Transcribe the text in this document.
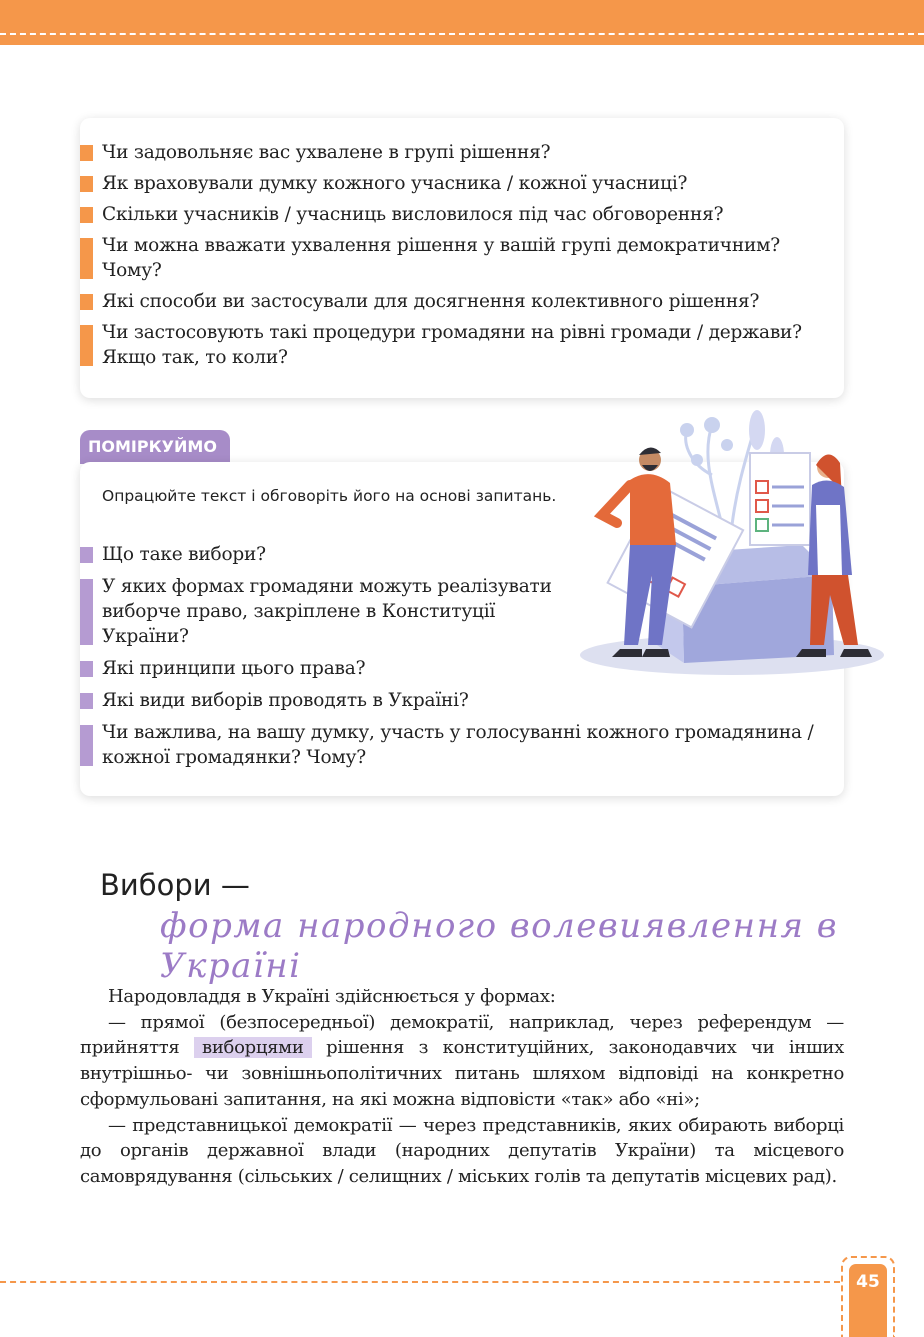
Чи задовольняє вас ухвалене в групі рішення?
Як враховували думку кожного учасника / кожної учасниці?
Скільки учасників / учасниць висловилося під час обговорення?
Чи можна вважати ухвалення рішення у вашій групі демократичним? Чому?
Які способи ви застосували для досягнення колективного рішення?
Чи застосовують такі процедури громадяни на рівні громади / держави? Якщо так, то коли?
ПОМІРКУЙМО
Опрацюйте текст і обговоріть його на основі запитань.
Що таке вибори?
У яких формах громадяни можуть реалізувати виборче право, закріплене в Конституції України?
Які принципи цього права?
Які види виборів проводять в Україні?
Чи важлива, на вашу думку, участь у голосуванні кожного громадянина / кожної громадянки? Чому?
Вибори —
форма народного волевиявлення в Україні

Народовладдя в Україні здійснюється у формах:

— прямої (безпосередньої) демократії, наприклад, через референдум — прийняття виборцями рішення з конституційних, законодавчих чи інших внутрішньо- чи зовнішньополітичних питань шляхом відповіді на конкретно сформульовані запитання, на які можна відповісти «так» або «ні»;

— представницької демократії — через представників, яких обирають виборці до органів державної влади (народних депутатів України) та місцевого самоврядування (сільських / селищних / міських голів та депутатів місцевих рад).

45
